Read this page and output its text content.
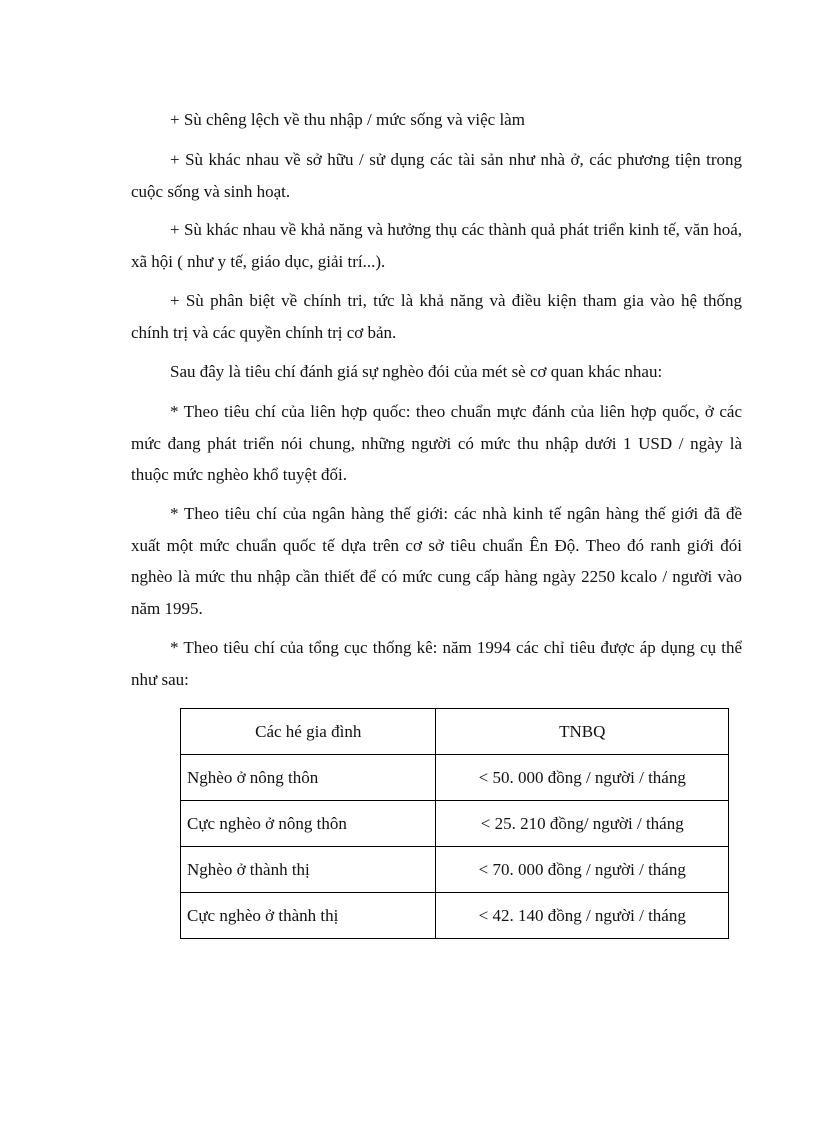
+ Sù chêng lệch về thu nhập / mức sống và việc làm

+ Sù khác nhau về sở hữu / sử dụng các tài sản như nhà ở, các phương tiện trong cuộc sống và sinh hoạt.

+ Sù khác nhau về khả năng và hưởng thụ các thành quả phát triển kinh tế, văn hoá, xã hội ( như y tế, giáo dục, giải trí...).

+ Sù phân biệt về chính tri, tức là khả năng và điều kiện tham gia vào hệ thống chính trị và các quyền chính trị cơ bản.

Sau đây là tiêu chí đánh giá sự nghèo đói của mét sè cơ quan khác nhau:

* Theo tiêu chí của liên hợp quốc: theo chuẩn mực đánh của liên hợp quốc, ở các mức đang phát triển nói chung, những người có mức thu nhập dưới 1 USD / ngày là thuộc mức nghèo khổ tuyệt đối.

* Theo tiêu chí của ngân hàng thế giới: các nhà kinh tế ngân hàng thế giới đã đề xuất một mức chuẩn quốc tế dựa trên cơ sở tiêu chuẩn Ên Độ. Theo đó ranh giới đói nghèo là mức thu nhập cần thiết để có mức cung cấp hàng ngày 2250 kcalo / người vào năm 1995.

* Theo tiêu chí của tổng cục thống kê: năm 1994 các chỉ tiêu được áp dụng cụ thể như sau:

Các hé gia đình	TNBQ
Nghèo ở nông thôn	< 50. 000 đồng / người / tháng
Cực nghèo ở nông thôn	< 25. 210 đồng/ người / tháng
Nghèo ở thành thị	< 70. 000 đồng / người / tháng
Cực nghèo ở thành thị	< 42. 140 đồng / người / tháng
